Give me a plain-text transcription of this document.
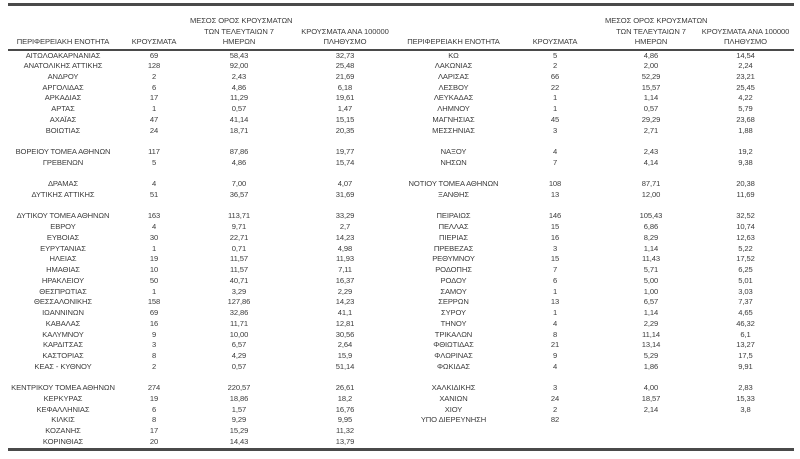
ΠΕΡΙΦΕΡΕΙΑΚΗ ΕΝΟΤΗΤΑ	ΚΡΟΥΣΜΑΤΑ	ΜΕΣΟΣ ΟΡΟΣ ΚΡΟΥΣΜΑΤΩΝ
ΤΩΝ ΤΕΛΕΥΤΑΙΩΝ 7
ΗΜΕΡΩΝ	ΚΡΟΥΣΜΑΤΑ ΑΝΑ 100000
ΠΛΗΘΥΣΜΟ	ΠΕΡΙΦΕΡΕΙΑΚΗ ΕΝΟΤΗΤΑ	ΚΡΟΥΣΜΑΤΑ	ΜΕΣΟΣ ΟΡΟΣ ΚΡΟΥΣΜΑΤΩΝ
ΤΩΝ ΤΕΛΕΥΤΑΙΩΝ 7
ΗΜΕΡΩΝ	ΚΡΟΥΣΜΑΤΑ ΑΝΑ 100000
ΠΛΗΘΥΣΜΟ

ΑΙΤΩΛΟΑΚΑΡΝΑΝΙΑΣ	69	58,43	32,73	ΚΩ	5	4,86	14,54
ΑΝΑΤΟΛΙΚΗΣ ΑΤΤΙΚΗΣ	128	92,00	25,48	ΛΑΚΩΝΙΑΣ	2	2,00	2,24
ΑΝΔΡΟΥ	2	2,43	21,69	ΛΑΡΙΣΑΣ	66	52,29	23,21
ΑΡΓΟΛΙΔΑΣ	6	4,86	6,18	ΛΕΣΒΟΥ	22	15,57	25,45
ΑΡΚΑΔΙΑΣ	17	11,29	19,61	ΛΕΥΚΑΔΑΣ	1	1,14	4,22
ΑΡΤΑΣ	1	0,57	1,47	ΛΗΜΝΟΥ	1	0,57	5,79
ΑΧΑΪΑΣ	47	41,14	15,15	ΜΑΓΝΗΣΙΑΣ	45	29,29	23,68
ΒΟΙΩΤΙΑΣ	24	18,71	20,35	ΜΕΣΣΗΝΙΑΣ	3	2,71	1,88

ΒΟΡΕΙΟΥ ΤΟΜΕΑ ΑΘΗΝΩΝ	117	87,86	19,77	ΝΑΞΟΥ	4	2,43	19,2
ΓΡΕΒΕΝΩΝ	5	4,86	15,74	ΝΗΣΩΝ	7	4,14	9,38

ΔΡΑΜΑΣ	4	7,00	4,07	ΝΟΤΙΟΥ ΤΟΜΕΑ ΑΘΗΝΩΝ	108	87,71	20,38
ΔΥΤΙΚΗΣ ΑΤΤΙΚΗΣ	51	36,57	31,69	ΞΑΝΘΗΣ	13	12,00	11,69

ΔΥΤΙΚΟΥ ΤΟΜΕΑ ΑΘΗΝΩΝ	163	113,71	33,29	ΠΕΙΡΑΙΩΣ	146	105,43	32,52
ΕΒΡΟΥ	4	9,71	2,7	ΠΕΛΛΑΣ	15	6,86	10,74
ΕΥΒΟΙΑΣ	30	22,71	14,23	ΠΙΕΡΙΑΣ	16	8,29	12,63
ΕΥΡΥΤΑΝΙΑΣ	1	0,71	4,98	ΠΡΕΒΕΖΑΣ	3	1,14	5,22
ΗΛΕΙΑΣ	19	11,57	11,93	ΡΕΘΥΜΝΟΥ	15	11,43	17,52
ΗΜΑΘΙΑΣ	10	11,57	7,11	ΡΟΔΟΠΗΣ	7	5,71	6,25
ΗΡΑΚΛΕΙΟΥ	50	40,71	16,37	ΡΟΔΟΥ	6	5,00	5,01
ΘΕΣΠΡΩΤΙΑΣ	1	3,29	2,29	ΣΑΜΟΥ	1	1,00	3,03
ΘΕΣΣΑΛΟΝΙΚΗΣ	158	127,86	14,23	ΣΕΡΡΩΝ	13	6,57	7,37
ΙΩΑΝΝΙΝΩΝ	69	32,86	41,1	ΣΥΡΟΥ	1	1,14	4,65
ΚΑΒΑΛΑΣ	16	11,71	12,81	ΤΗΝΟΥ	4	2,29	46,32
ΚΑΛΥΜΝΟΥ	9	10,00	30,56	ΤΡΙΚΑΛΩΝ	8	11,14	6,1
ΚΑΡΔΙΤΣΑΣ	3	6,57	2,64	ΦΘΙΩΤΙΔΑΣ	21	13,14	13,27
ΚΑΣΤΟΡΙΑΣ	8	4,29	15,9	ΦΛΩΡΙΝΑΣ	9	5,29	17,5
ΚΕΑΣ - ΚΥΘΝΟΥ	2	0,57	51,14	ΦΩΚΙΔΑΣ	4	1,86	9,91

ΚΕΝΤΡΙΚΟΥ ΤΟΜΕΑ ΑΘΗΝΩΝ	274	220,57	26,61	ΧΑΛΚΙΔΙΚΗΣ	3	4,00	2,83
ΚΕΡΚΥΡΑΣ	19	18,86	18,2	ΧΑΝΙΩΝ	24	18,57	15,33
ΚΕΦΑΛΛΗΝΙΑΣ	6	1,57	16,76	ΧΙΟΥ	2	2,14	3,8
ΚΙΛΚΙΣ	8	9,29	9,95	ΥΠΟ ΔΙΕΡΕΥΝΗΣΗ	82		
ΚΟΖΑΝΗΣ	17	15,29	11,32				
ΚΟΡΙΝΘΙΑΣ	20	14,43	13,79				
